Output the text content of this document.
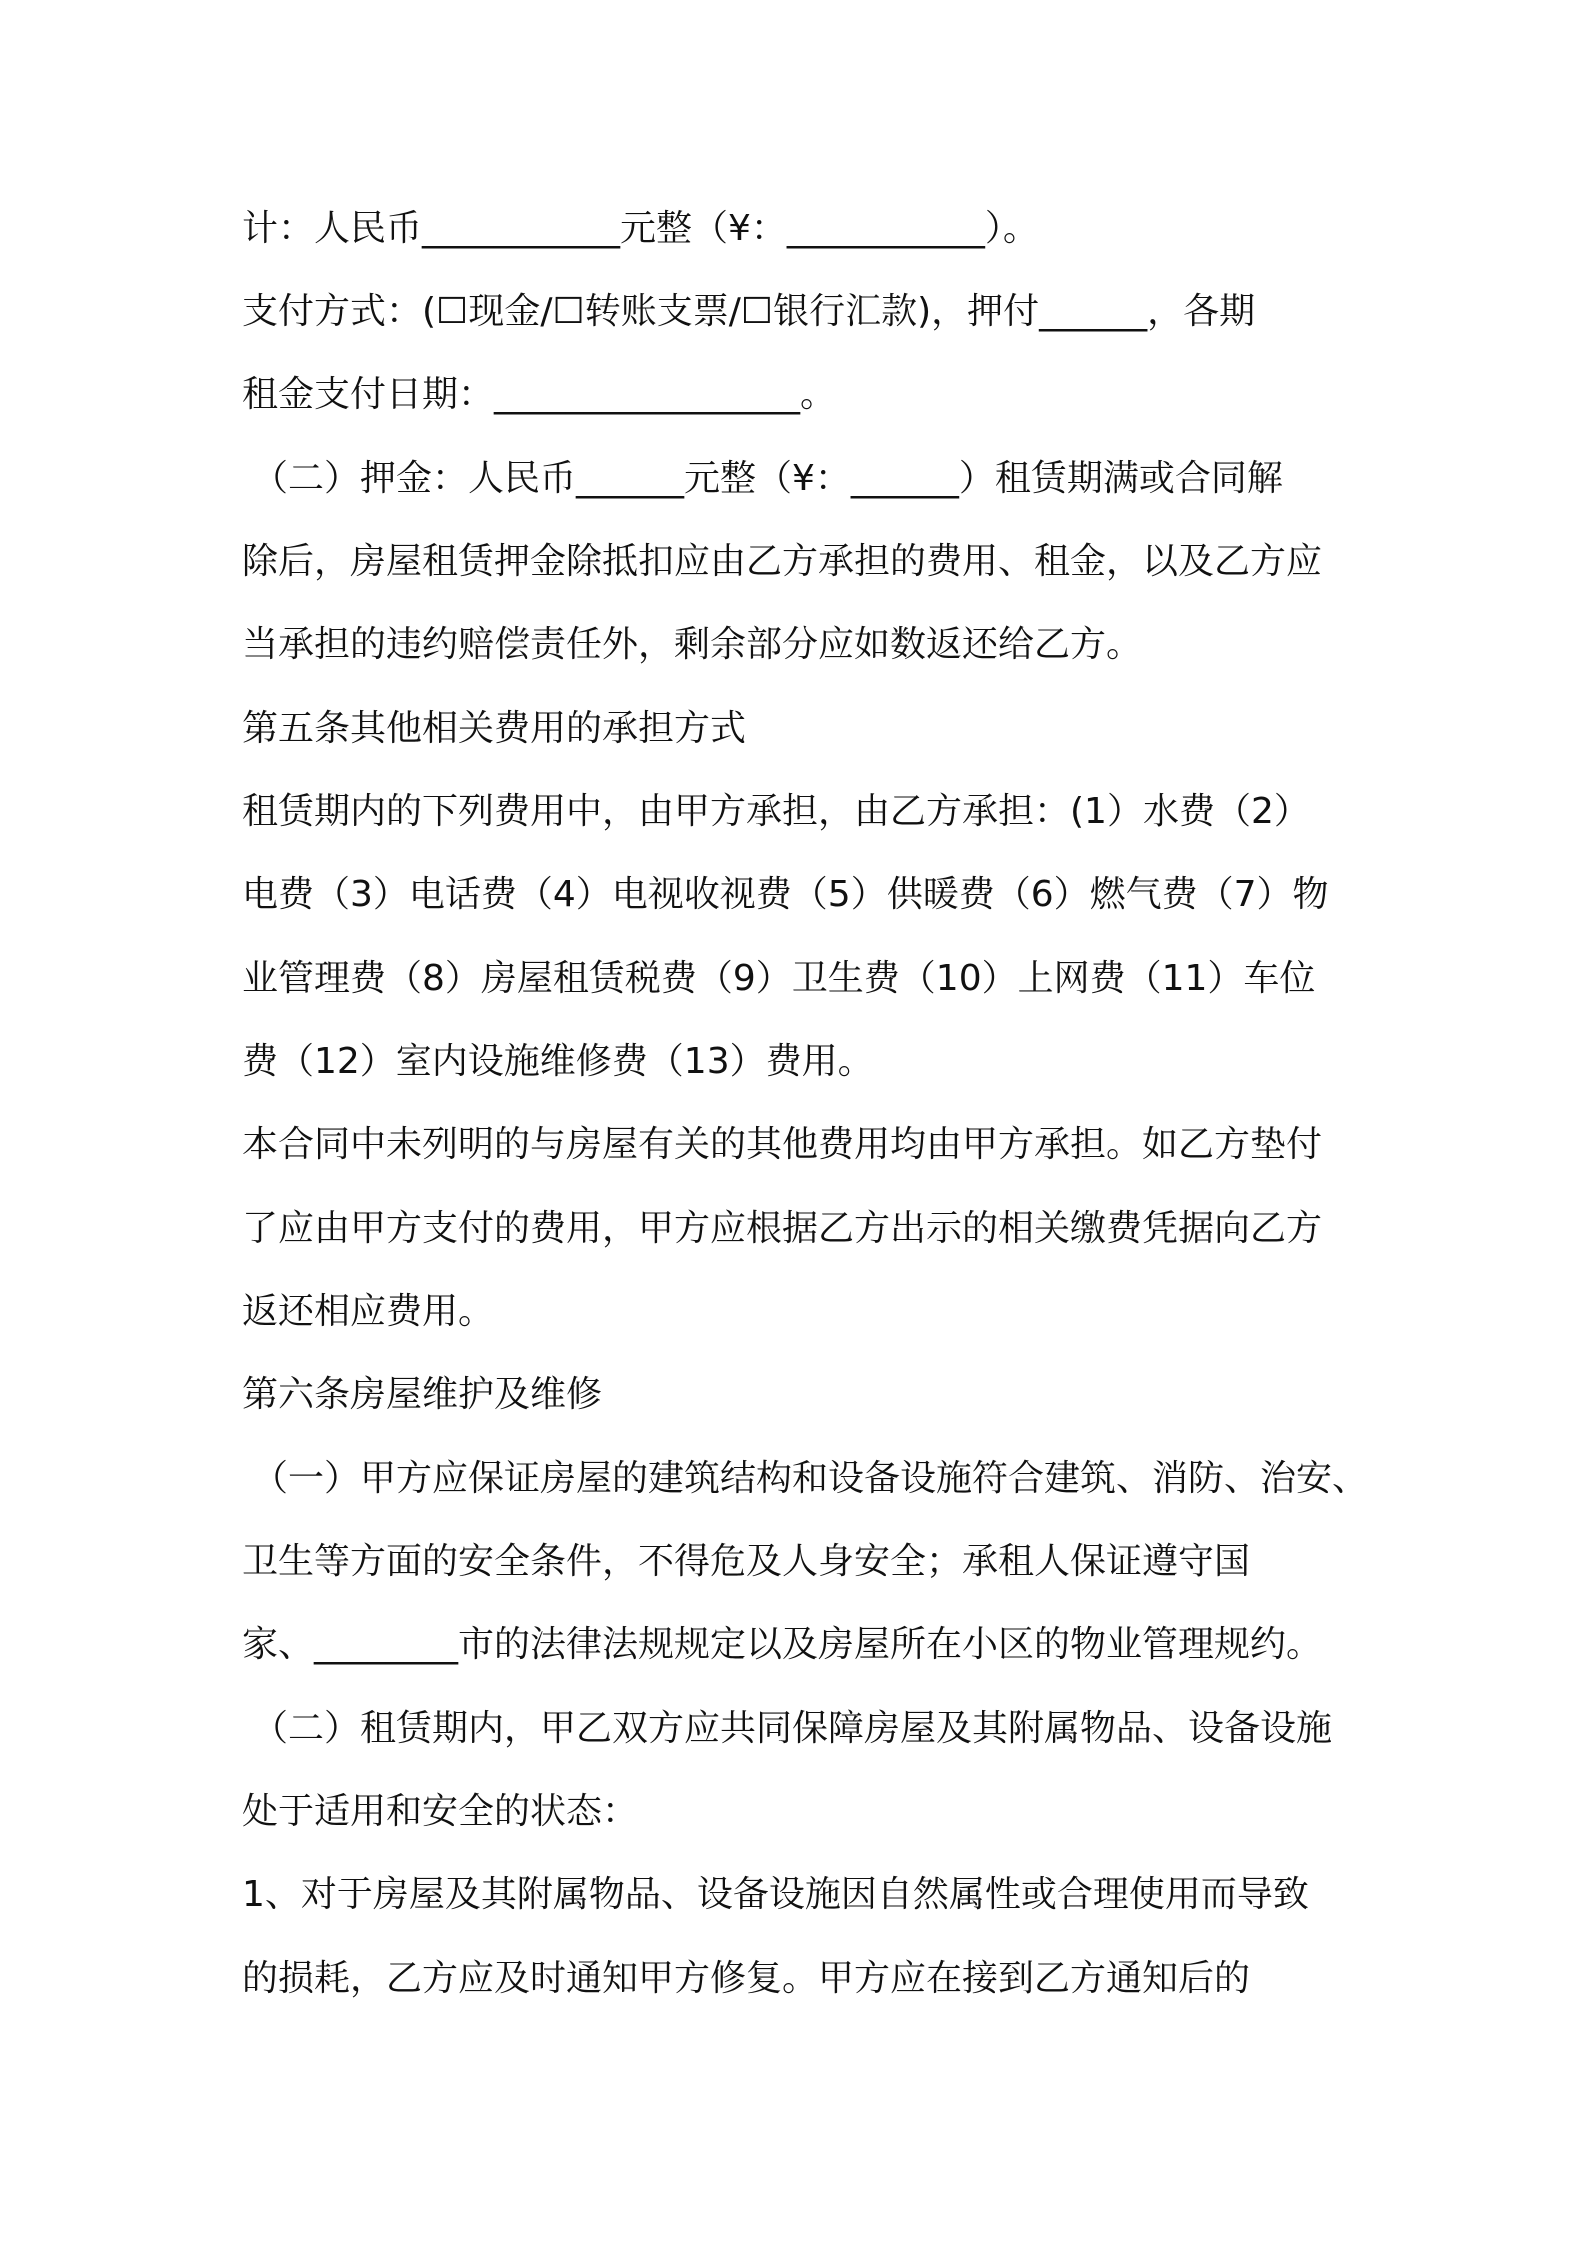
计：人民币___________元整（¥：___________）。

支付方式：(☐现金/☐转账支票/☐银行汇款)，押付______，各期

租金支付日期：_________________。

（二）押金：人民币______元整（¥：______）租赁期满或合同解

除后，房屋租赁押金除抵扣应由乙方承担的费用、租金，以及乙方应

当承担的违约赔偿责任外，剩余部分应如数返还给乙方。

第五条其他相关费用的承担方式

租赁期内的下列费用中，由甲方承担，由乙方承担：(1）水费（2）

电费（3）电话费（4）电视收视费（5）供暖费（6）燃气费（7）物

业管理费（8）房屋租赁税费（9）卫生费（10）上网费（11）车位

费（12）室内设施维修费（13）费用。

本合同中未列明的与房屋有关的其他费用均由甲方承担。如乙方垫付

了应由甲方支付的费用，甲方应根据乙方出示的相关缴费凭据向乙方

返还相应费用。

第六条房屋维护及维修

（一）甲方应保证房屋的建筑结构和设备设施符合建筑、消防、治安、

卫生等方面的安全条件，不得危及人身安全；承租人保证遵守国

家、________市的法律法规规定以及房屋所在小区的物业管理规约。

（二）租赁期内，甲乙双方应共同保障房屋及其附属物品、设备设施

处于适用和安全的状态：

1、对于房屋及其附属物品、设备设施因自然属性或合理使用而导致

的损耗，乙方应及时通知甲方修复。甲方应在接到乙方通知后的
